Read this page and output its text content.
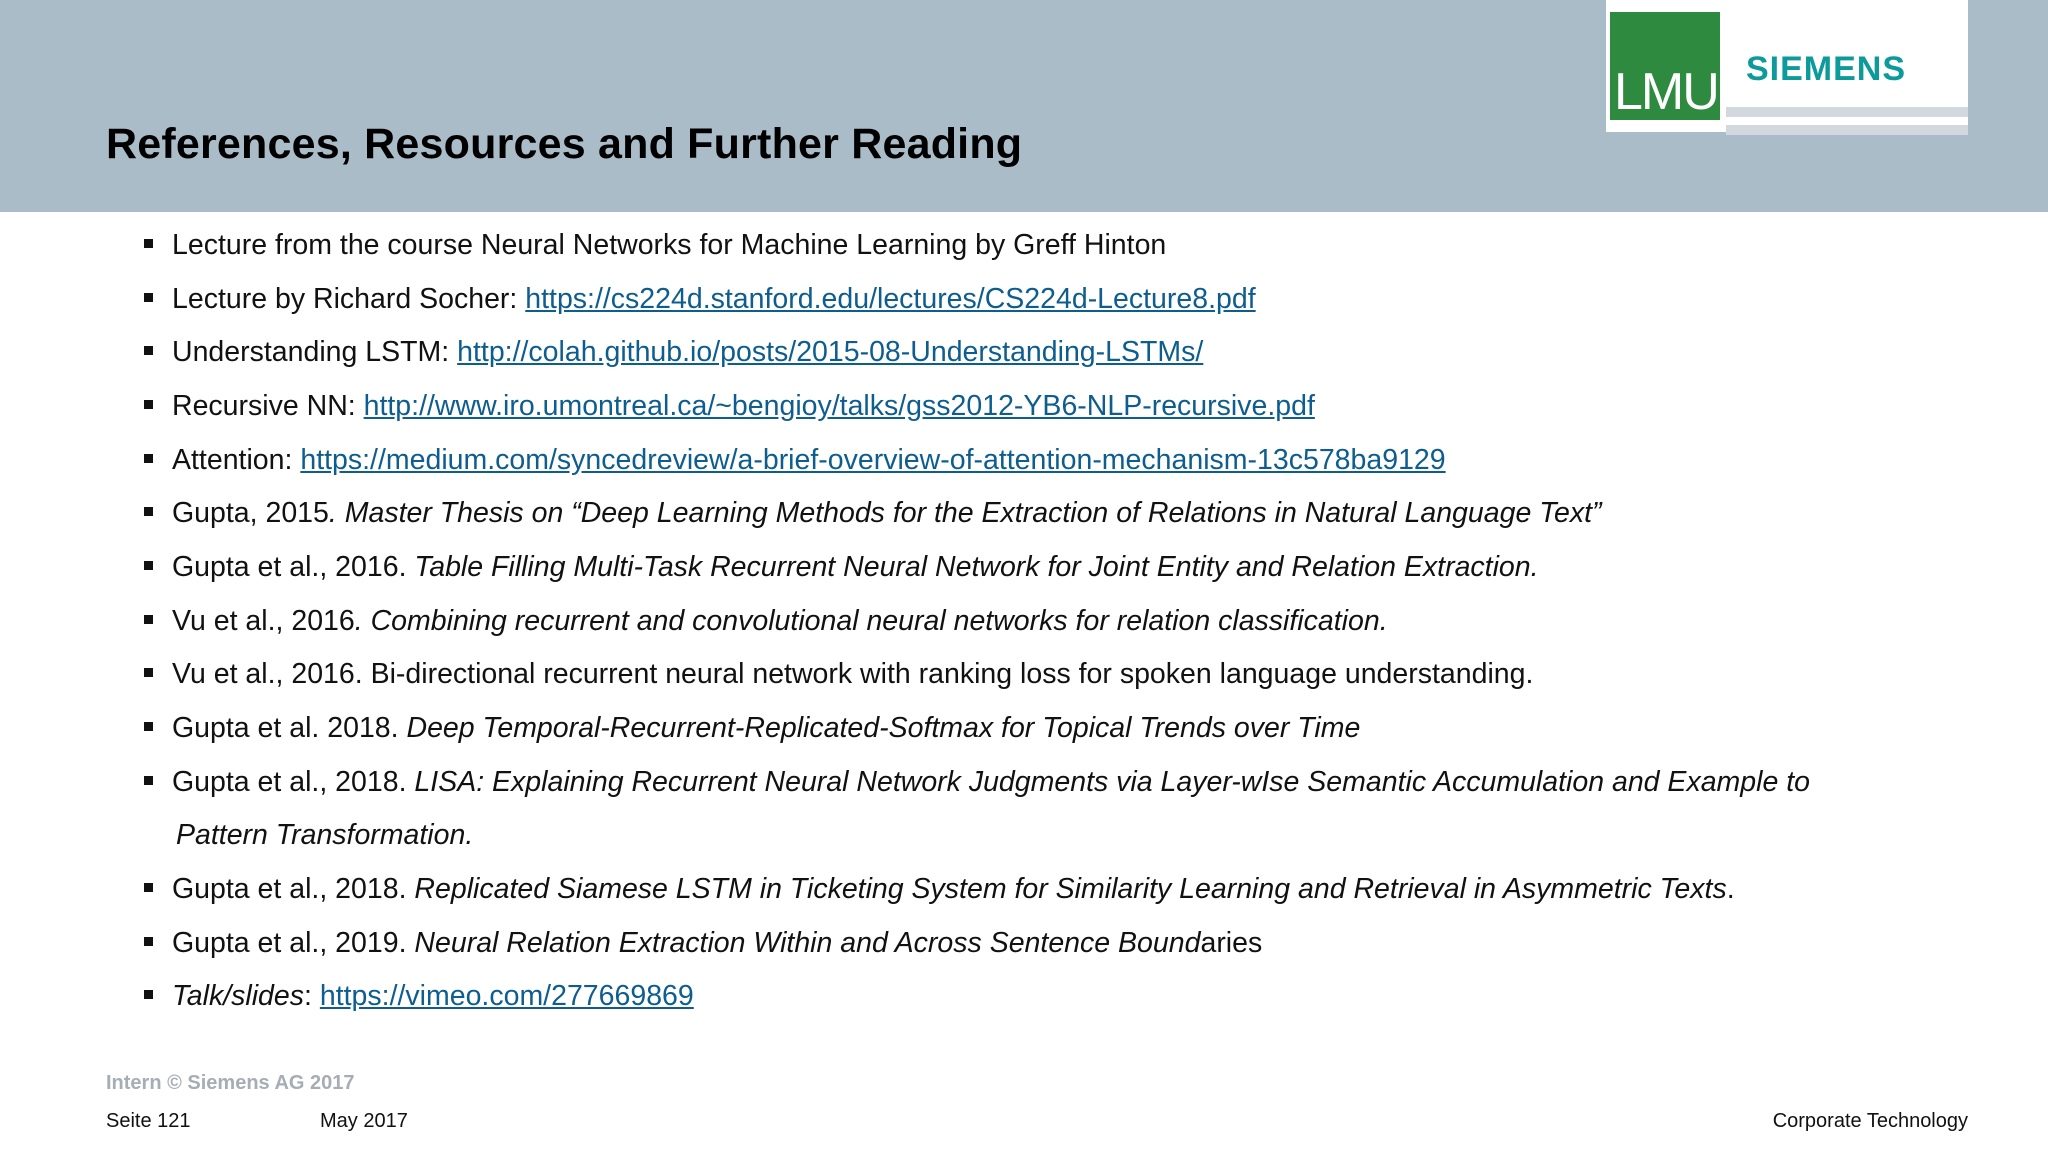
References, Resources and Further Reading
LMU SIEMENS
Lecture from the course Neural Networks for Machine Learning by Greff Hinton
Lecture by Richard Socher: https://cs224d.stanford.edu/lectures/CS224d-Lecture8.pdf
Understanding LSTM: http://colah.github.io/posts/2015-08-Understanding-LSTMs/
Recursive NN: http://www.iro.umontreal.ca/~bengioy/talks/gss2012-YB6-NLP-recursive.pdf
Attention: https://medium.com/syncedreview/a-brief-overview-of-attention-mechanism-13c578ba9129
Gupta, 2015. Master Thesis on “Deep Learning Methods for the Extraction of Relations in Natural Language Text”
Gupta et al., 2016. Table Filling Multi-Task Recurrent Neural Network for Joint Entity and Relation Extraction.
Vu et al., 2016. Combining recurrent and convolutional neural networks for relation classification.
Vu et al., 2016. Bi-directional recurrent neural network with ranking loss for spoken language understanding.
Gupta et al. 2018. Deep Temporal-Recurrent-Replicated-Softmax for Topical Trends over Time
Gupta et al., 2018. LISA: Explaining Recurrent Neural Network Judgments via Layer-wIse Semantic Accumulation and Example to
Pattern Transformation.
Gupta et al., 2018. Replicated Siamese LSTM in Ticketing System for Similarity Learning and Retrieval in Asymmetric Texts.
Gupta et al., 2019. Neural Relation Extraction Within and Across Sentence Boundaries
Talk/slides: https://vimeo.com/277669869
Intern © Siemens AG 2017
Seite 121	May 2017	Corporate Technology
